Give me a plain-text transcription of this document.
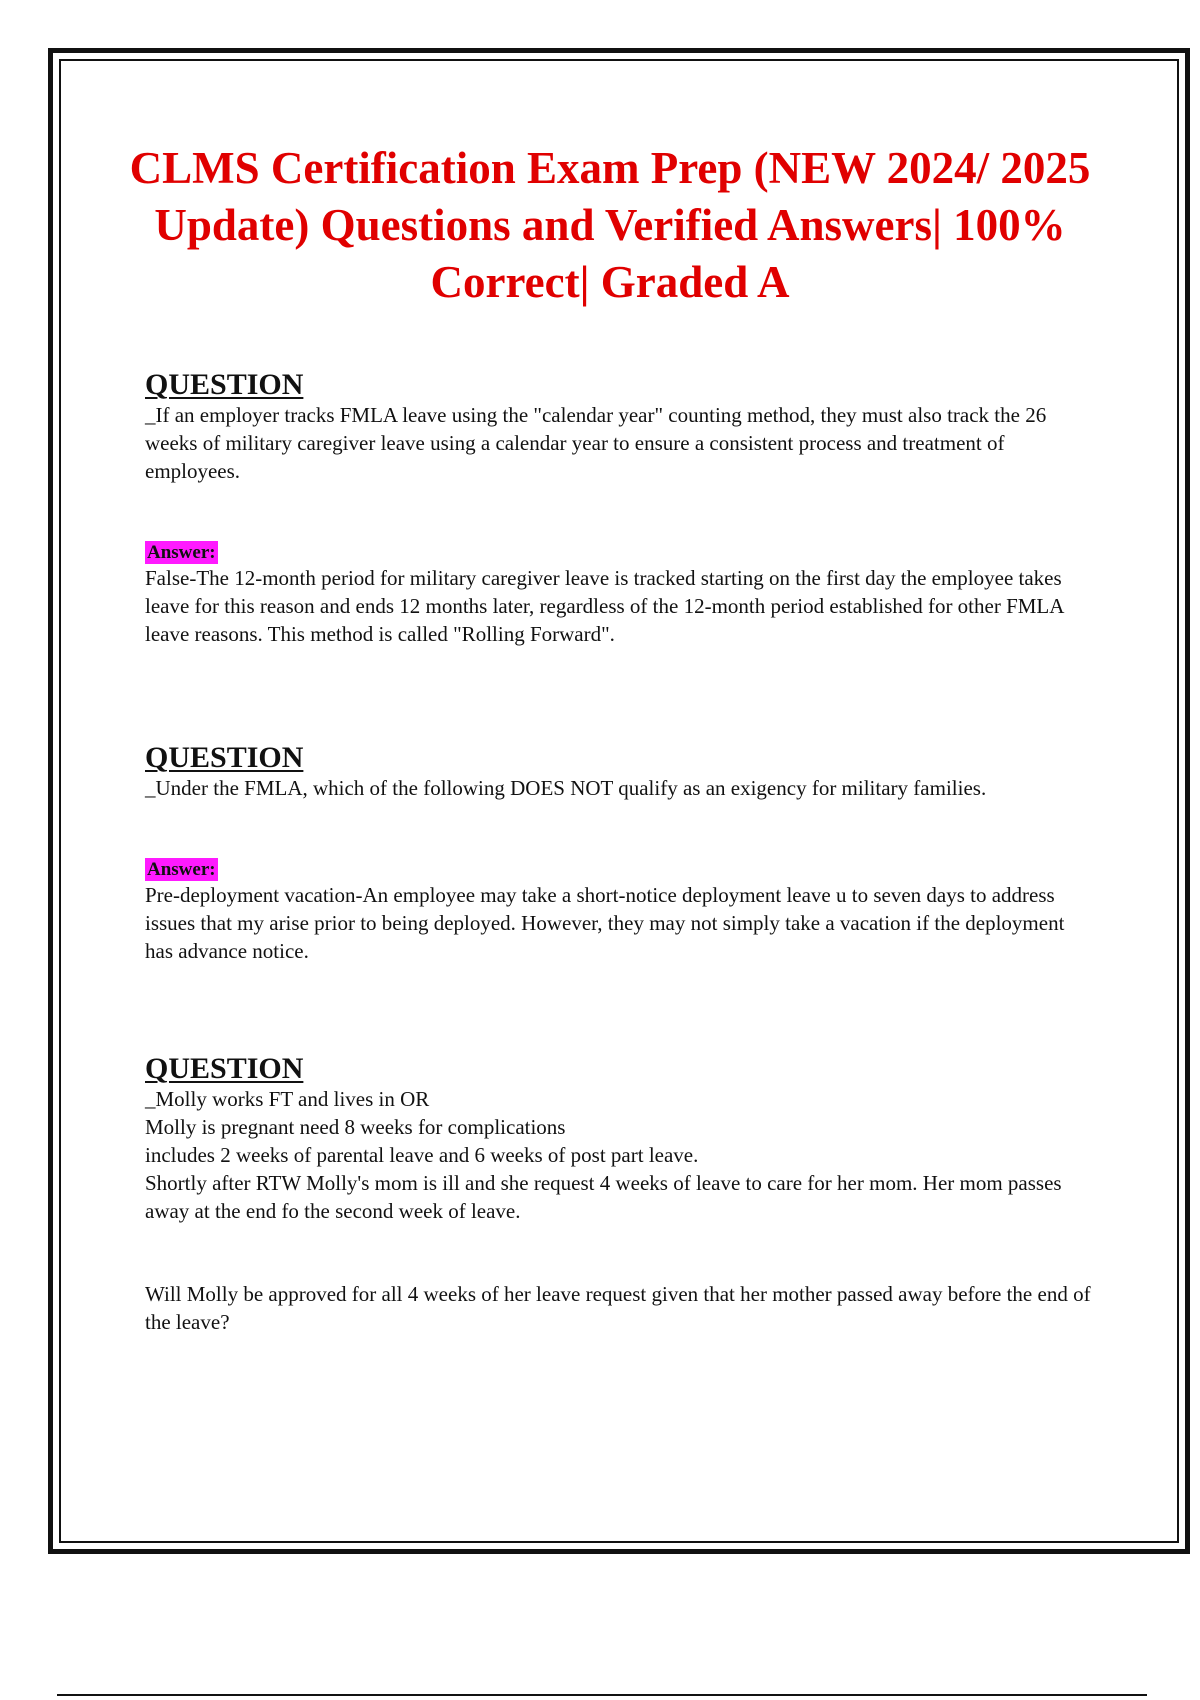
CLMS Certification Exam Prep (NEW 2024/ 2025 Update) Questions and Verified Answers| 100% Correct| Graded A

QUESTION

_If an employer tracks FMLA leave using the "calendar year" counting method, they must also track the 26 weeks of military caregiver leave using a calendar year to ensure a consistent process and treatment of employees.

Answer:

False-The 12-month period for military caregiver leave is tracked starting on the first day the employee takes leave for this reason and ends 12 months later, regardless of the 12-month period established for other FMLA leave reasons. This method is called "Rolling Forward".

QUESTION

_Under the FMLA, which of the following DOES NOT qualify as an exigency for military families.

Answer:

Pre-deployment vacation-An employee may take a short-notice deployment leave u to seven days to address issues that my arise prior to being deployed. However, they may not simply take a vacation if the deployment has advance notice.

QUESTION

_Molly works FT and lives in OR
Molly is pregnant need 8 weeks for complications
includes 2 weeks of parental leave and 6 weeks of post part leave.
Shortly after RTW Molly's mom is ill and she request 4 weeks of leave to care for her mom. Her mom passes away at the end fo the second week of leave.

Will Molly be approved for all 4 weeks of her leave request given that her mother passed away before the end of the leave?
